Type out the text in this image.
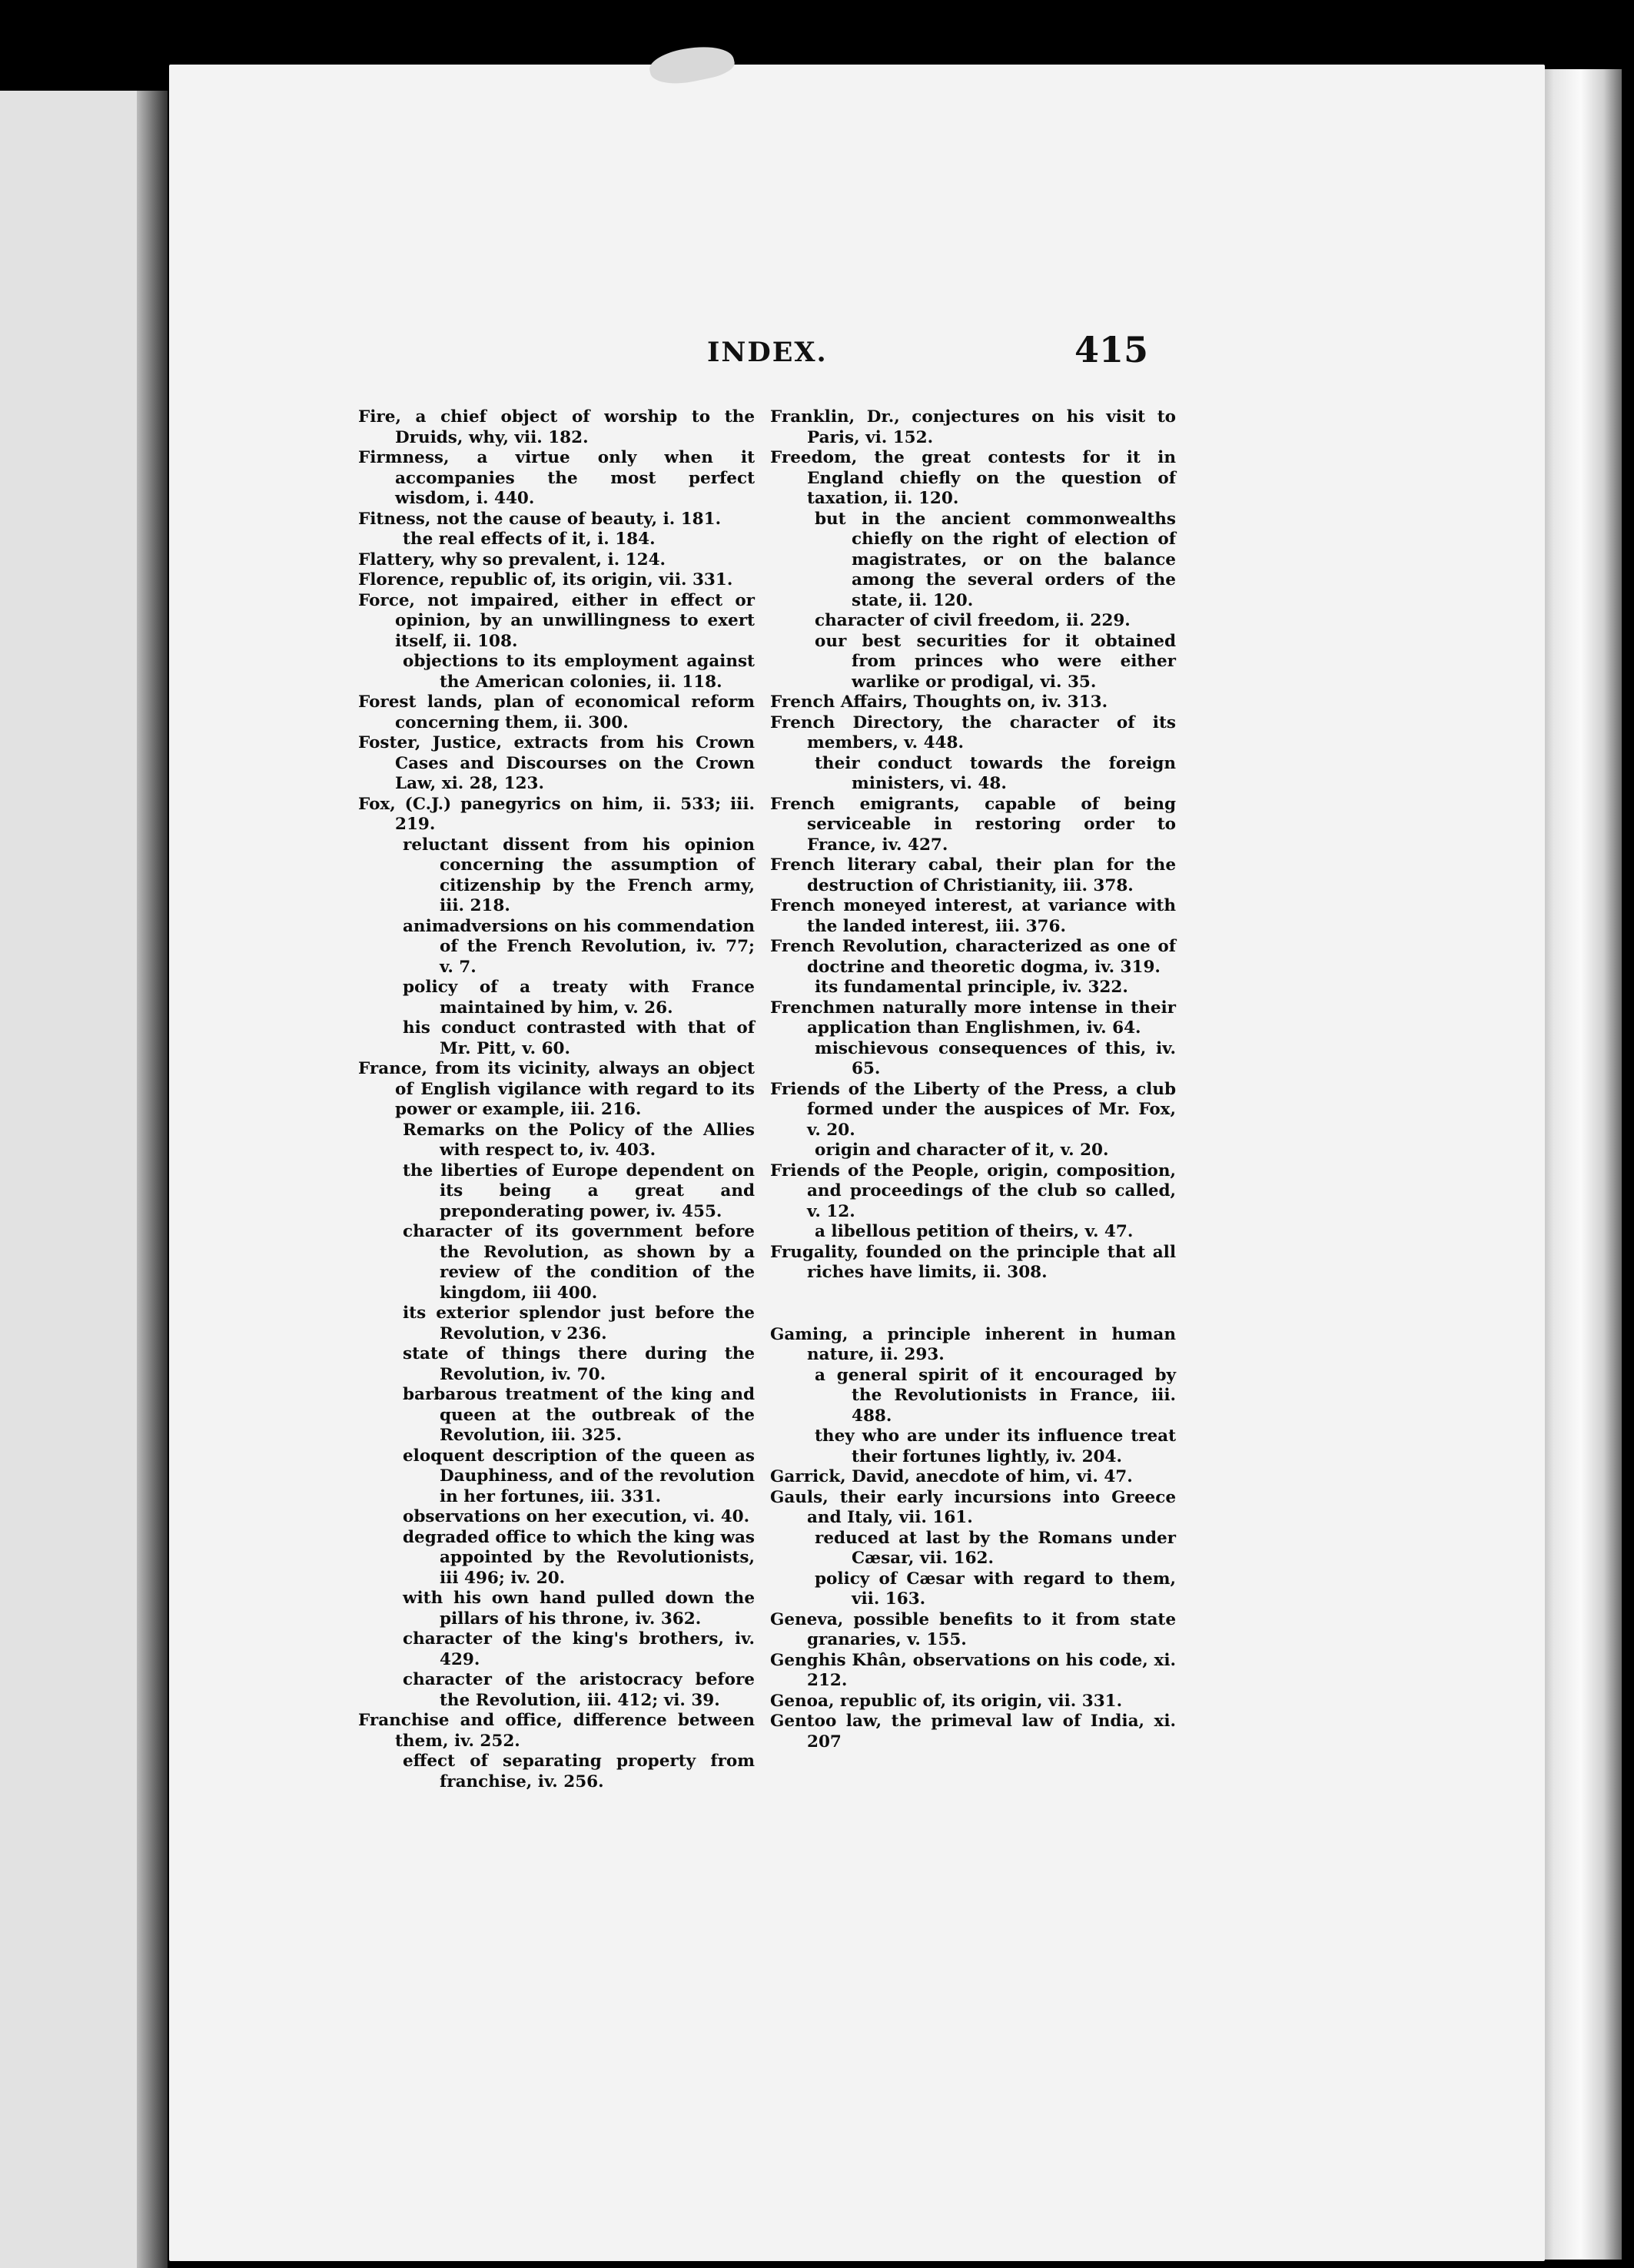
INDEX.	415
Fire, a chief object of worship to the Druids, why, vii. 182.
Firmness, a virtue only when it accompanies the most perfect wisdom, i. 440.
Fitness, not the cause of beauty, i. 181.
the real effects of it, i. 184.
Flattery, why so prevalent, i. 124.
Florence, republic of, its origin, vii. 331.
Force, not impaired, either in effect or opinion, by an unwillingness to exert itself, ii. 108.
objections to its employment against the American colonies, ii. 118.
Forest lands, plan of economical reform concerning them, ii. 300.
Foster, Justice, extracts from his Crown Cases and Discourses on the Crown Law, xi. 28, 123.
Fox, (C.J.) panegyrics on him, ii. 533; iii. 219.
reluctant dissent from his opinion concerning the assumption of citizenship by the French army, iii. 218.
animadversions on his commendation of the French Revolution, iv. 77; v. 7.
policy of a treaty with France maintained by him, v. 26.
his conduct contrasted with that of Mr. Pitt, v. 60.
France, from its vicinity, always an object of English vigilance with regard to its power or example, iii. 216.
Remarks on the Policy of the Allies with respect to, iv. 403.
the liberties of Europe dependent on its being a great and preponderating power, iv. 455.
character of its government before the Revolution, as shown by a review of the condition of the kingdom, iii 400.
its exterior splendor just before the Revolution, v 236.
state of things there during the Revolution, iv. 70.
barbarous treatment of the king and queen at the outbreak of the Revolution, iii. 325.
eloquent description of the queen as Dauphiness, and of the revolution in her fortunes, iii. 331.
observations on her execution, vi. 40.
degraded office to which the king was appointed by the Revolutionists, iii 496; iv. 20.
with his own hand pulled down the pillars of his throne, iv. 362.
character of the king's brothers, iv. 429.
character of the aristocracy before the Revolution, iii. 412; vi. 39.
Franchise and office, difference between them, iv. 252.
effect of separating property from franchise, iv. 256.
Franklin, Dr., conjectures on his visit to Paris, vi. 152.
Freedom, the great contests for it in England chiefly on the question of taxation, ii. 120.
but in the ancient commonwealths chiefly on the right of election of magistrates, or on the balance among the several orders of the state, ii. 120.
character of civil freedom, ii. 229.
our best securities for it obtained from princes who were either warlike or prodigal, vi. 35.
French Affairs, Thoughts on, iv. 313.
French Directory, the character of its members, v. 448.
their conduct towards the foreign ministers, vi. 48.
French emigrants, capable of being serviceable in restoring order to France, iv. 427.
French literary cabal, their plan for the destruction of Christianity, iii. 378.
French moneyed interest, at variance with the landed interest, iii. 376.
French Revolution, characterized as one of doctrine and theoretic dogma, iv. 319.
its fundamental principle, iv. 322.
Frenchmen naturally more intense in their application than Englishmen, iv. 64.
mischievous consequences of this, iv. 65.
Friends of the Liberty of the Press, a club formed under the auspices of Mr. Fox, v. 20.
origin and character of it, v. 20.
Friends of the People, origin, composition, and proceedings of the club so called, v. 12.
a libellous petition of theirs, v. 47.
Frugality, founded on the principle that all riches have limits, ii. 308.
Gaming, a principle inherent in human nature, ii. 293.
a general spirit of it encouraged by the Revolutionists in France, iii. 488.
they who are under its influence treat their fortunes lightly, iv. 204.
Garrick, David, anecdote of him, vi. 47.
Gauls, their early incursions into Greece and Italy, vii. 161.
reduced at last by the Romans under Cæsar, vii. 162.
policy of Cæsar with regard to them, vii. 163.
Geneva, possible benefits to it from state granaries, v. 155.
Genghis Khân, observations on his code, xi. 212.
Genoa, republic of, its origin, vii. 331.
Gentoo law, the primeval law of India, xi. 207
